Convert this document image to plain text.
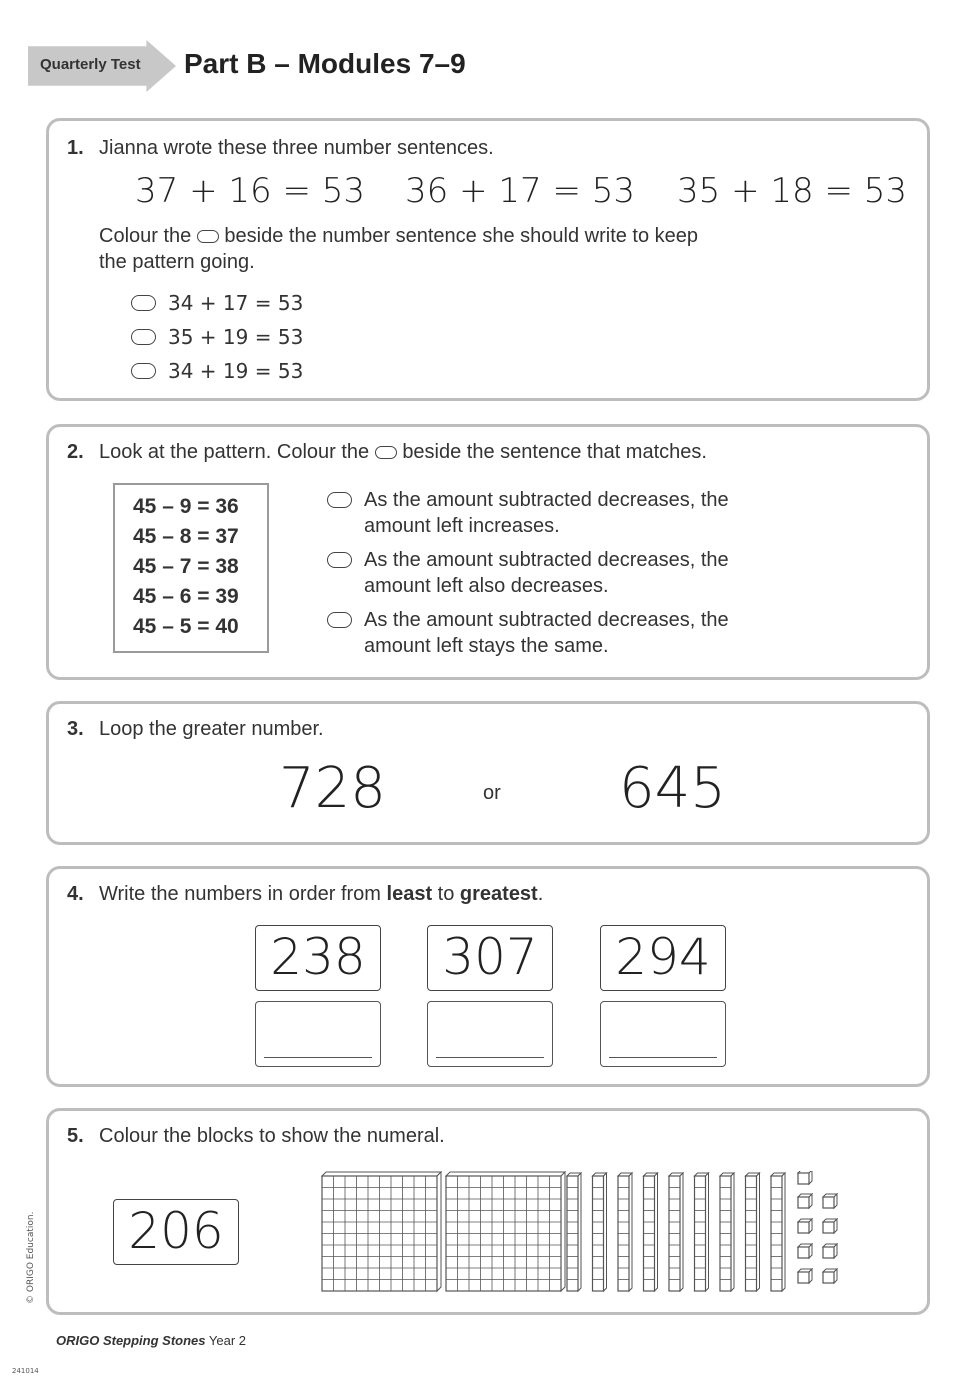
Quarterly Test Part B – Modules 7–9
1. Jianna wrote these three number sentences.
37 + 16 = 53 36 + 17 = 53 35 + 18 = 53
Colour the beside the number sentence she should write to keep
the pattern going.
34 + 17 = 53
35 + 19 = 53
34 + 19 = 53
2. Look at the pattern. Colour the beside the sentence that matches.
45 – 9 = 36
45 – 8 = 37
45 – 7 = 38
45 – 6 = 39
45 – 5 = 40
As the amount subtracted decreases, the amount left increases.
As the amount subtracted decreases, the amount left also decreases.
As the amount subtracted decreases, the amount left stays the same.
3. Loop the greater number.
728	or 645
4. Write the numbers in order from least to greatest.
238	307	294
5. Colour the blocks to show the numeral.
206
© ORIGO Education.
ORIGO Stepping Stones Year 2
241014
